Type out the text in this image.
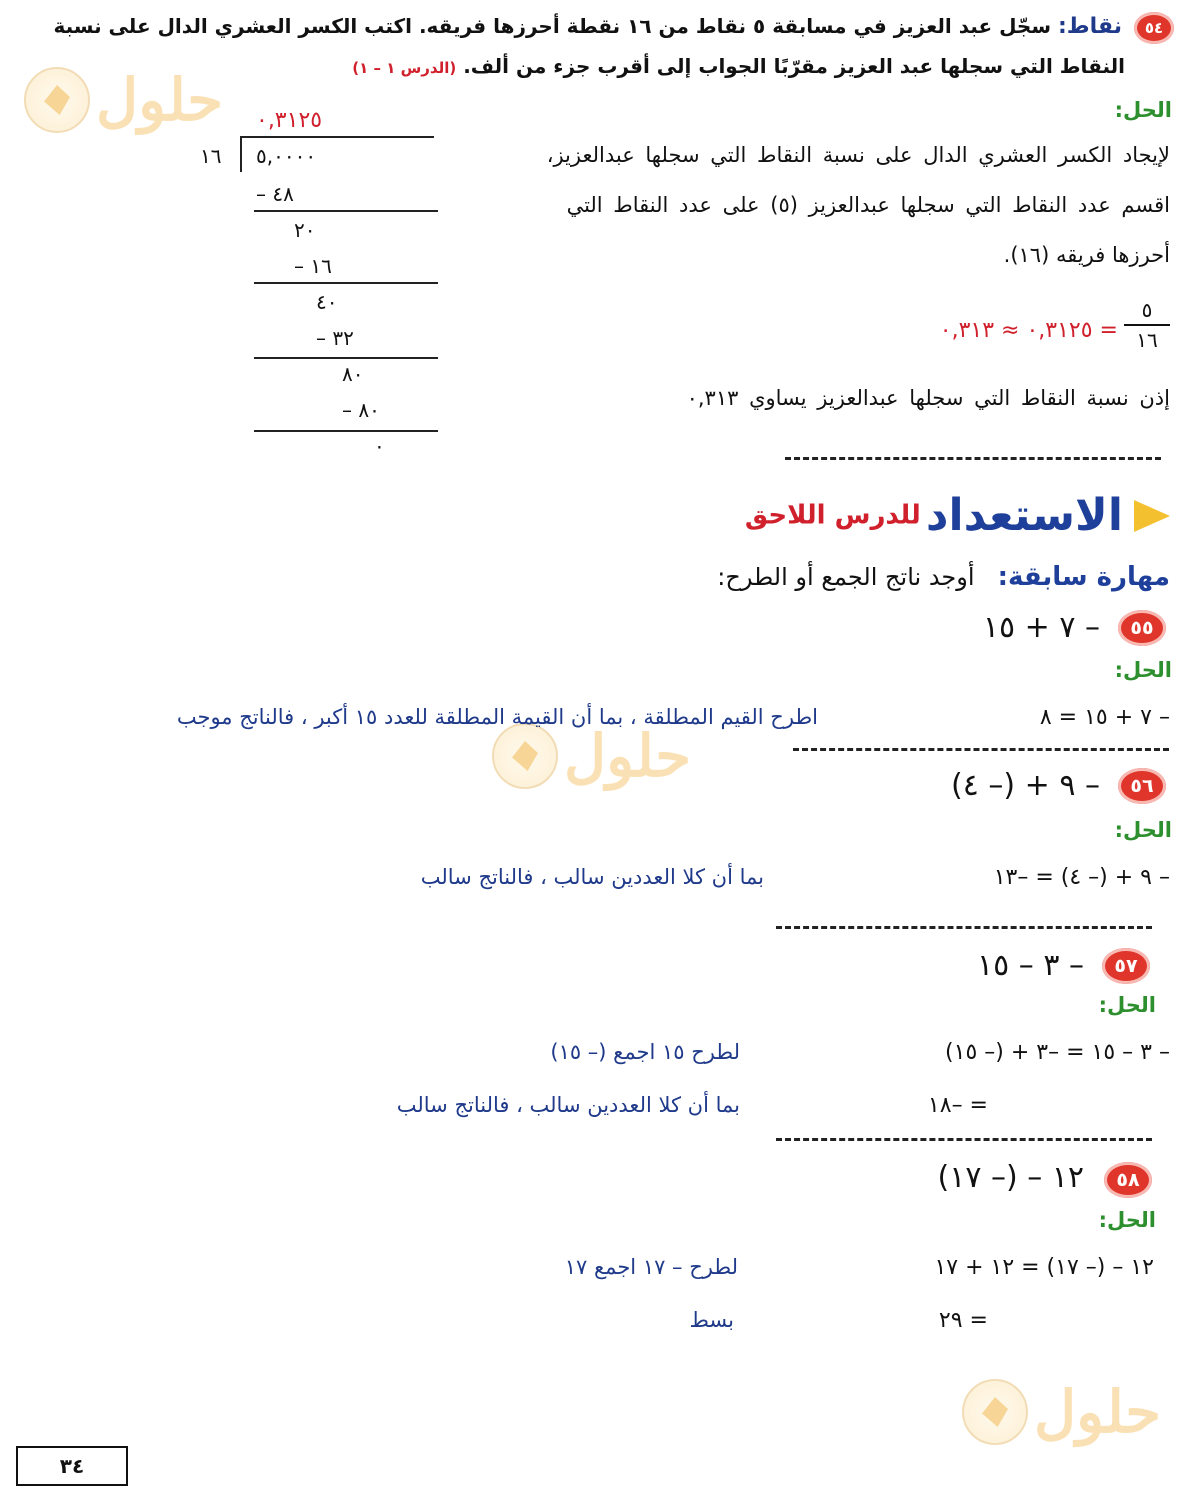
حلول
حلول
حلول
٥٤
نقاط: سجّل عبد العزيز في مسابقة ٥ نقاط من ١٦ نقطة أحرزها فريقه. اكتب الكسر العشري الدال على نسبة
النقاط التي سجلها عبد العزيز مقرّبًا الجواب إلى أقرب جزء من ألف. (الدرس ١ – ١)
الحل:
لإيجاد الكسر العشري الدال على نسبة النقاط التي سجلها عبدالعزيز،
اقسم عدد النقاط التي سجلها عبدالعزيز (٥) على عدد النقاط التي
أحرزها فريقه (١٦).
٥
١٦
= ٠,٣١٢٥ ≈ ٠,٣١٣
إذن نسبة النقاط التي سجلها عبدالعزيز يساوي ٠,٣١٣
٠,٣١٢٥
١٦ ٥,٠٠٠٠
– ٤٨
٢٠
– ١٦
٤٠
– ٣٢
٨٠
– ٨٠
٠
الاستعداد للدرس اللاحق
مهارة سابقة: أوجد ناتج الجمع أو الطرح:
٥٥
– ٧ + ١٥
الحل:
– ٧ + ١٥ = ٨
اطرح القيم المطلقة ، بما أن القيمة المطلقة للعدد ١٥ أكبر ، فالناتج موجب
٥٦
– ٩ + (– ٤)
الحل:
– ٩ + (– ٤) = –١٣
بما أن كلا العددين سالب ، فالناتج سالب
٥٧
– ٣ – ١٥
الحل:
– ٣ – ١٥ = –٣ + (– ١٥)
لطرح ١٥ اجمع (– ١٥)
= –١٨
بما أن كلا العددين سالب ، فالناتج سالب
٥٨
١٢ – (– ١٧)
الحل:
١٢ – (– ١٧) = ١٢ + ١٧
لطرح – ١٧ اجمع ١٧
= ٢٩
بسط
٣٤
